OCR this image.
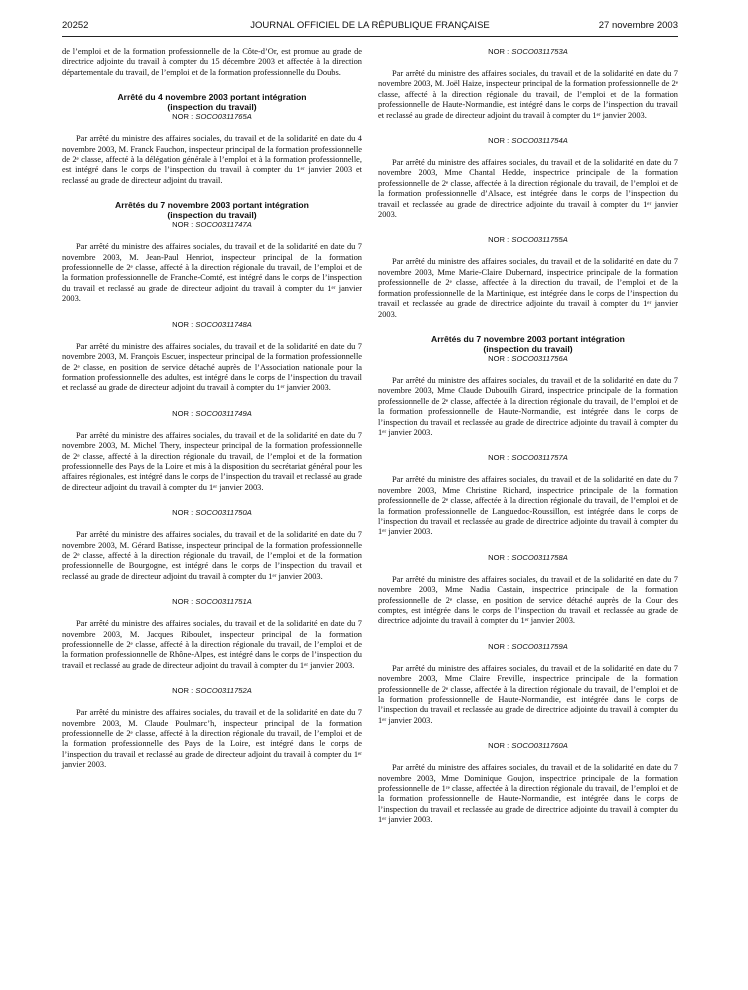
20252	JOURNAL OFFICIEL DE LA RÉPUBLIQUE FRANÇAISE	27 novembre 2003

de l’emploi et de la formation professionnelle de la Côte-d’Or, est promue au grade de directrice adjointe du travail à compter du 15 décembre 2003 et affectée à la direction départementale du travail, de l’emploi et de la formation professionnelle du Doubs.

Arrêté du 4 novembre 2003 portant intégration

(inspection du travail)

NOR : SOCO0311765A

Par arrêté du ministre des affaires sociales, du travail et de la solidarité en date du 4 novembre 2003, M. Franck Fauchon, inspecteur principal de la formation professionnelle de 2ᵉ classe, affecté à la délégation générale à l’emploi et à la formation professionnelle, est intégré dans le corps de l’inspection du travail à compter du 1ᵉʳ janvier 2003 et reclassé au grade de directeur adjoint du travail.

Arrêtés du 7 novembre 2003 portant intégration

(inspection du travail)

NOR : SOCO0311747A

Par arrêté du ministre des affaires sociales, du travail et de la solidarité en date du 7 novembre 2003, M. Jean-Paul Henriot, inspecteur principal de la formation professionnelle de 2ᵉ classe, affecté à la direction régionale du travail, de l’emploi et de la formation professionnelle de Franche-Comté, est intégré dans le corps de l’inspection du travail et reclassé au grade de directeur adjoint du travail à compter du 1ᵉʳ janvier 2003.

NOR : SOCO0311748A

Par arrêté du ministre des affaires sociales, du travail et de la solidarité en date du 7 novembre 2003, M. François Escuer, inspecteur principal de la formation professionnelle de 2ᵉ classe, en position de service détaché auprès de l’Association nationale pour la formation professionnelle des adultes, est intégré dans le corps de l’inspection du travail et reclassé au grade de directeur adjoint du travail à compter du 1ᵉʳ janvier 2003.

NOR : SOCO0311749A

Par arrêté du ministre des affaires sociales, du travail et de la solidarité en date du 7 novembre 2003, M. Michel Thery, inspecteur principal de la formation professionnelle de 2ᵉ classe, affecté à la direction régionale du travail, de l’emploi et de la formation professionnelle des Pays de la Loire et mis à la disposition du secrétariat général pour les affaires régionales, est intégré dans le corps de l’inspection du travail et reclassé au grade de directeur adjoint du travail à compter du 1ᵉʳ janvier 2003.

NOR : SOCO0311750A

Par arrêté du ministre des affaires sociales, du travail et de la solidarité en date du 7 novembre 2003, M. Gérard Batisse, inspecteur principal de la formation professionnelle de 2ᵉ classe, affecté à la direction régionale du travail, de l’emploi et de la formation professionnelle de Bourgogne, est intégré dans le corps de l’inspection du travail et reclassé au grade de directeur adjoint du travail à compter du 1ᵉʳ janvier 2003.

NOR : SOCO0311751A

Par arrêté du ministre des affaires sociales, du travail et de la solidarité en date du 7 novembre 2003, M. Jacques Riboulet, inspecteur principal de la formation professionnelle de 2ᵉ classe, affecté à la direction régionale du travail, de l’emploi et de la formation professionnelle de Rhône-Alpes, est intégré dans le corps de l’inspection du travail et reclassé au grade de directeur adjoint du travail à compter du 1ᵉʳ janvier 2003.

NOR : SOCO0311752A

Par arrêté du ministre des affaires sociales, du travail et de la solidarité en date du 7 novembre 2003, M. Claude Poulmarc’h, inspecteur principal de la formation professionnelle de 2ᵉ classe, affecté à la direction régionale du travail, de l’emploi et de la formation professionnelle des Pays de la Loire, est intégré dans le corps de l’inspection du travail et reclassé au grade de directeur adjoint du travail à compter du 1ᵉʳ janvier 2003.

NOR : SOCO0311753A

Par arrêté du ministre des affaires sociales, du travail et de la solidarité en date du 7 novembre 2003, M. Joël Haize, inspecteur principal de la formation professionnelle de 2ᵉ classe, affecté à la direction régionale du travail, de l’emploi et de la formation professionnelle de Haute-Normandie, est intégré dans le corps de l’inspection du travail et reclassé au grade de directeur adjoint du travail à compter du 1ᵉʳ janvier 2003.

NOR : SOCO0311754A

Par arrêté du ministre des affaires sociales, du travail et de la solidarité en date du 7 novembre 2003, Mme Chantal Hedde, inspectrice principale de la formation professionnelle de 2ᵉ classe, affectée à la direction régionale du travail, de l’emploi et de la formation professionnelle d’Alsace, est intégrée dans le corps de l’inspection du travail et reclassée au grade de directrice adjointe du travail à compter du 1ᵉʳ janvier 2003.

NOR : SOCO0311755A

Par arrêté du ministre des affaires sociales, du travail et de la solidarité en date du 7 novembre 2003, Mme Marie-Claire Dubernard, inspectrice principale de la formation professionnelle de 2ᵉ classe, affectée à la direction du travail, de l’emploi et de la formation professionnelle de la Martinique, est intégrée dans le corps de l’inspection du travail et reclassée au grade de directrice adjointe du travail à compter du 1ᵉʳ janvier 2003.

Arrêtés du 7 novembre 2003 portant intégration

(inspection du travail)

NOR : SOCO0311756A

Par arrêté du ministre des affaires sociales, du travail et de la solidarité en date du 7 novembre 2003, Mme Claude Dubouilh Girard, inspectrice principale de la formation professionnelle de 2ᵉ classe, affectée à la direction régionale du travail, de l’emploi et de la formation professionnelle de Haute-Normandie, est intégrée dans le corps de l’inspection du travail et reclassée au grade de directrice adjointe du travail à compter du 1ᵉʳ janvier 2003.

NOR : SOCO0311757A

Par arrêté du ministre des affaires sociales, du travail et de la solidarité en date du 7 novembre 2003, Mme Christine Richard, inspectrice principale de la formation professionnelle de 2ᵉ classe, affectée à la direction régionale du travail, de l’emploi et de la formation professionnelle de Languedoc-Roussillon, est intégrée dans le corps de l’inspection du travail et reclassée au grade de directrice adjointe du travail à compter du 1ᵉʳ janvier 2003.

NOR : SOCO0311758A

Par arrêté du ministre des affaires sociales, du travail et de la solidarité en date du 7 novembre 2003, Mme Nadia Castain, inspectrice principale de la formation professionnelle de 2ᵉ classe, en position de service détaché auprès de la Cour des comptes, est intégrée dans le corps de l’inspection du travail et reclassée au grade de directrice adjointe du travail à compter du 1ᵉʳ janvier 2003.

NOR : SOCO0311759A

Par arrêté du ministre des affaires sociales, du travail et de la solidarité en date du 7 novembre 2003, Mme Claire Freville, inspectrice principale de la formation professionnelle de 2ᵉ classe, affectée à la direction régionale du travail, de l’emploi et de la formation professionnelle de Haute-Normandie, est intégrée dans le corps de l’inspection du travail et reclassée au grade de directrice adjointe du travail à compter du 1ᵉʳ janvier 2003.

NOR : SOCO0311760A

Par arrêté du ministre des affaires sociales, du travail et de la solidarité en date du 7 novembre 2003, Mme Dominique Goujon, inspectrice principale de la formation professionnelle de 1ʳᵉ classe, affectée à la direction régionale du travail, de l’emploi et de la formation professionnelle de Haute-Normandie, est intégrée dans le corps de l’inspection du travail et reclassée au grade de directrice adjointe du travail à compter du 1ᵉʳ janvier 2003.
